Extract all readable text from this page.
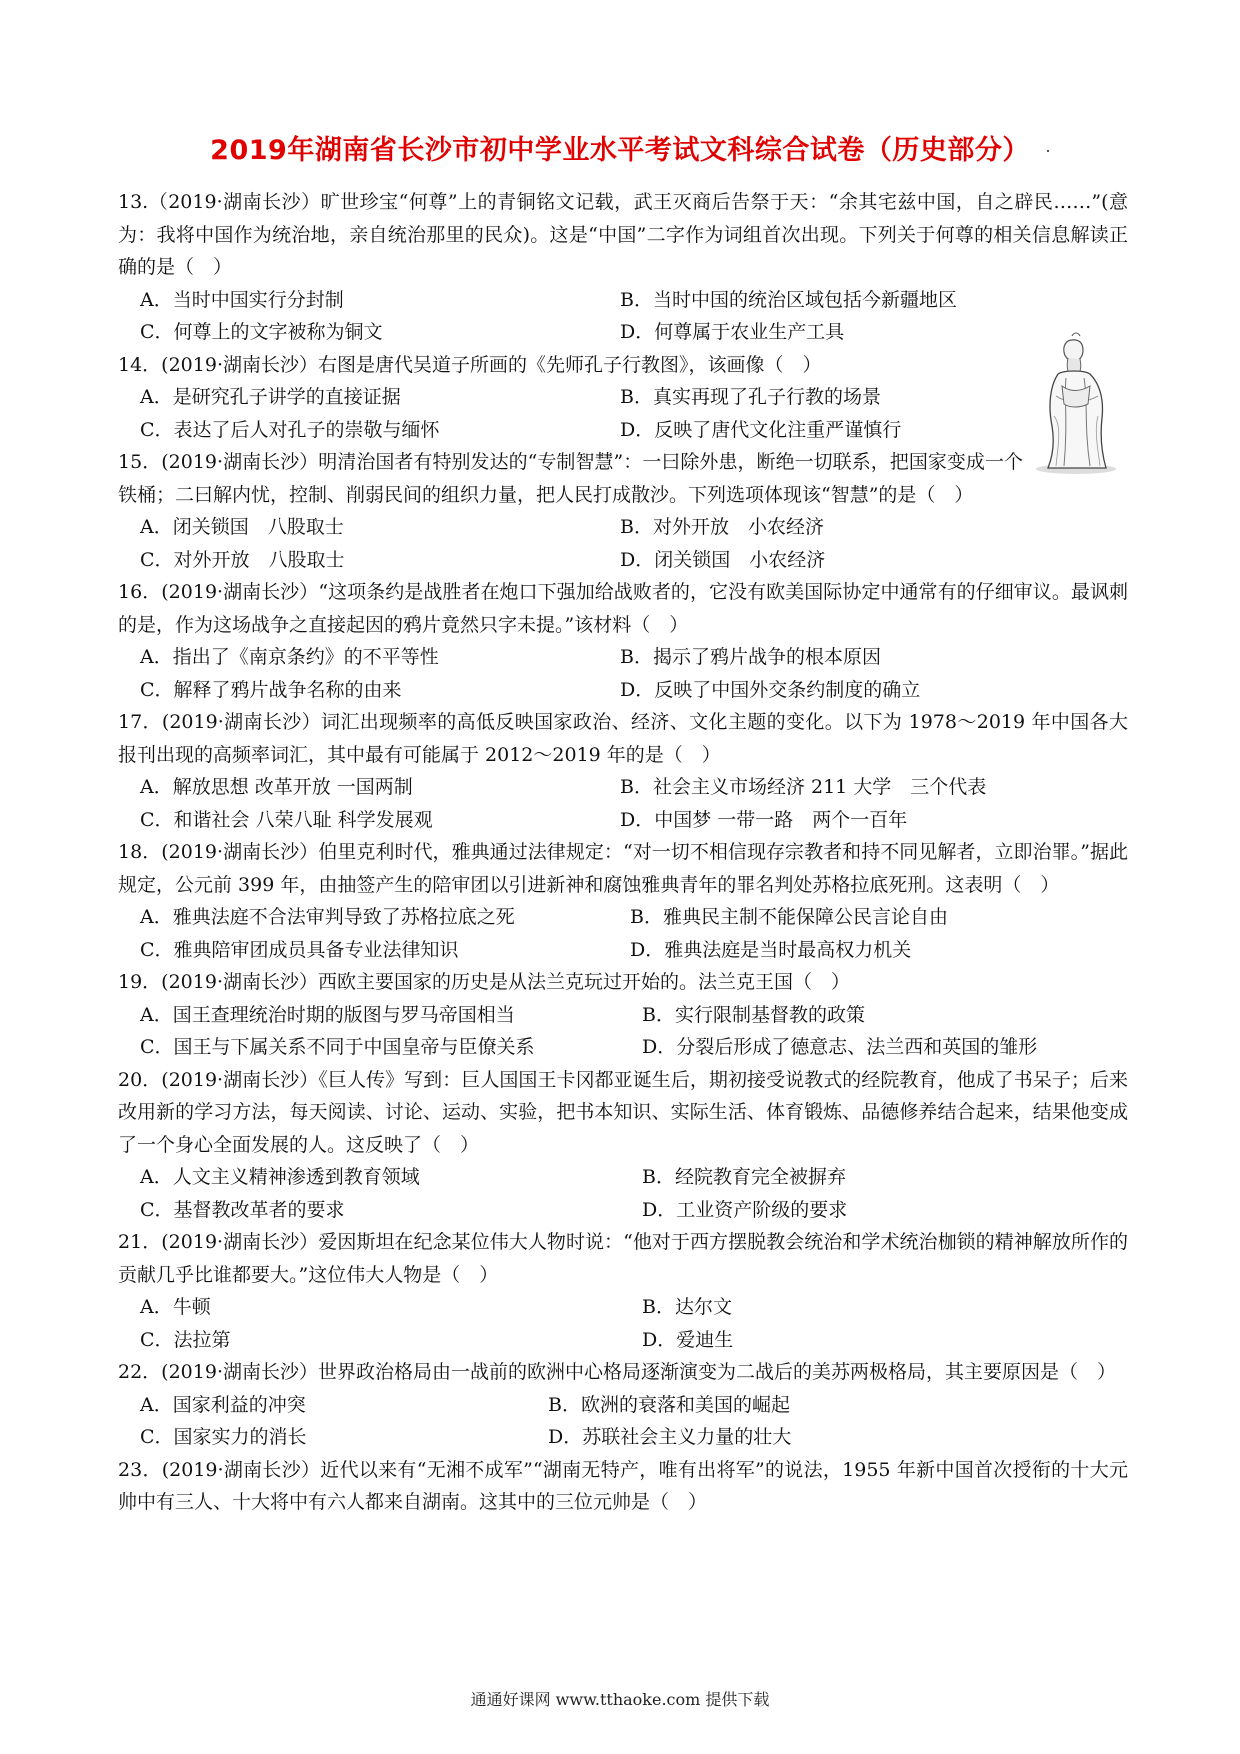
2019年湖南省长沙市初中学业水平考试文科综合试卷（历史部分）

13.（2019·湖南长沙）旷世珍宝“何尊”上的青铜铭文记载，武王灭商后告祭于天：“余其宅兹中国，自之辟民……”(意为：我将中国作为统治地，亲自统治那里的民众)。这是“中国”二字作为词组首次出现。下列关于何尊的相关信息解读正确的是（　）

A．当时中国实行分封制	B．当时中国的统治区域包括今新疆地区
C．何尊上的文字被称为铜文	D．何尊属于农业生产工具

14．(2019·湖南长沙）右图是唐代吴道子所画的《先师孔子行教图》，该画像（　）

A．是研究孔子讲学的直接证据	B．真实再现了孔子行教的场景
C．表达了后人对孔子的崇敬与缅怀	D．反映了唐代文化注重严谨慎行

15．(2019·湖南长沙）明清治国者有特别发达的“专制智慧”：一曰除外患，断绝一切联系，把国家变成一个铁桶；二曰解内忧，控制、削弱民间的组织力量，把人民打成散沙。下列选项体现该“智慧”的是（　）

A．闭关锁国　八股取士	B．对外开放　小农经济
C．对外开放　八股取士	D．闭关锁国　小农经济

16．(2019·湖南长沙）“这项条约是战胜者在炮口下强加给战败者的，它没有欧美国际协定中通常有的仔细审议。最讽刺的是，作为这场战争之直接起因的鸦片竟然只字未提。”该材料（　）

A．指出了《南京条约》的不平等性	B．揭示了鸦片战争的根本原因
C．解释了鸦片战争名称的由来	D．反映了中国外交条约制度的确立

17．(2019·湖南长沙）词汇出现频率的高低反映国家政治、经济、文化主题的变化。以下为 1978～2019 年中国各大报刊出现的高频率词汇，其中最有可能属于 2012～2019 年的是（　）

A．解放思想 改革开放 一国两制	B．社会主义市场经济 211 大学　三个代表
C．和谐社会 八荣八耻 科学发展观	D．中国梦 一带一路　两个一百年

18．(2019·湖南长沙）伯里克利时代，雅典通过法律规定：“对一切不相信现存宗教者和持不同见解者，立即治罪。”据此规定，公元前 399 年，由抽签产生的陪审团以引进新神和腐蚀雅典青年的罪名判处苏格拉底死刑。这表明（　）

A．雅典法庭不合法审判导致了苏格拉底之死	B．雅典民主制不能保障公民言论自由
C．雅典陪审团成员具备专业法律知识	D．雅典法庭是当时最高权力机关

19．(2019·湖南长沙）西欧主要国家的历史是从法兰克玩过开始的。法兰克王国（　）

A．国王查理统治时期的版图与罗马帝国相当	B．实行限制基督教的政策
C．国王与下属关系不同于中国皇帝与臣僚关系	D．分裂后形成了德意志、法兰西和英国的雏形

20．(2019·湖南长沙）《巨人传》写到：巨人国国王卡冈都亚诞生后，期初接受说教式的经院教育，他成了书呆子；后来改用新的学习方法，每天阅读、讨论、运动、实验，把书本知识、实际生活、体育锻炼、品德修养结合起来，结果他变成了一个身心全面发展的人。这反映了（　）

A．人文主义精神渗透到教育领域	B．经院教育完全被摒弃
C．基督教改革者的要求	D．工业资产阶级的要求

21．(2019·湖南长沙）爱因斯坦在纪念某位伟大人物时说：“他对于西方摆脱教会统治和学术统治枷锁的精神解放所作的贡献几乎比谁都要大。”这位伟大人物是（　）

A．牛顿	B．达尔文
C．法拉第	D．爱迪生

22．(2019·湖南长沙）世界政治格局由一战前的欧洲中心格局逐渐演变为二战后的美苏两极格局，其主要原因是（　）

A．国家利益的冲突	B．欧洲的衰落和美国的崛起
C．国家实力的消长	D．苏联社会主义力量的壮大

23．(2019·湖南长沙）近代以来有“无湘不成军”“湖南无特产，唯有出将军”的说法，1955 年新中国首次授衔的十大元帅中有三人、十大将中有六人都来自湖南。这其中的三位元帅是（　）

通通好课网 www.tthaoke.com 提供下载
